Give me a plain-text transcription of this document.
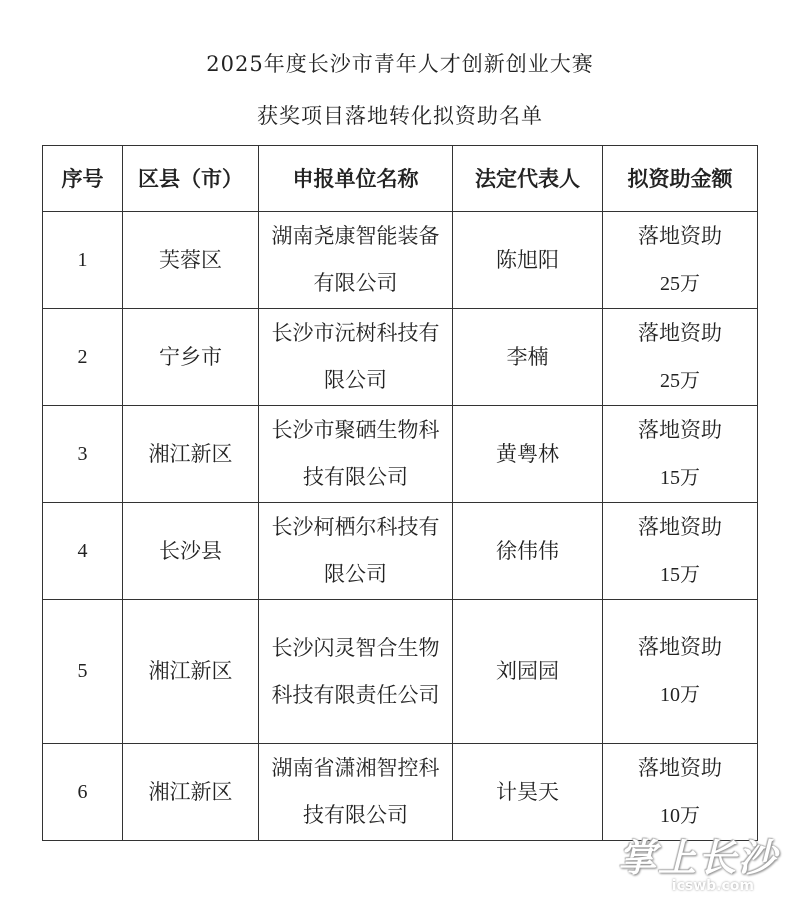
2025年度长沙市青年人才创新创业大赛
获奖项目落地转化拟资助名单
序号	区县（市）	申报单位名称	法定代表人	拟资助金额
1	芙蓉区	湖南尧康智能装备有限公司	陈旭阳	落地资助
25万
2	宁乡市	长沙市沅树科技有限公司	李楠	落地资助
25万
3	湘江新区	长沙市聚硒生物科技有限公司	黄粤林	落地资助
15万
4	长沙县	长沙柯栖尔科技有限公司	徐伟伟	落地资助
15万
5	湘江新区	长沙闪灵智合生物科技有限责任公司	刘园园	落地资助
10万
6	湘江新区	湖南省潇湘智控科技有限公司	计昊天	落地资助
10万
掌上长沙
icswb.com
